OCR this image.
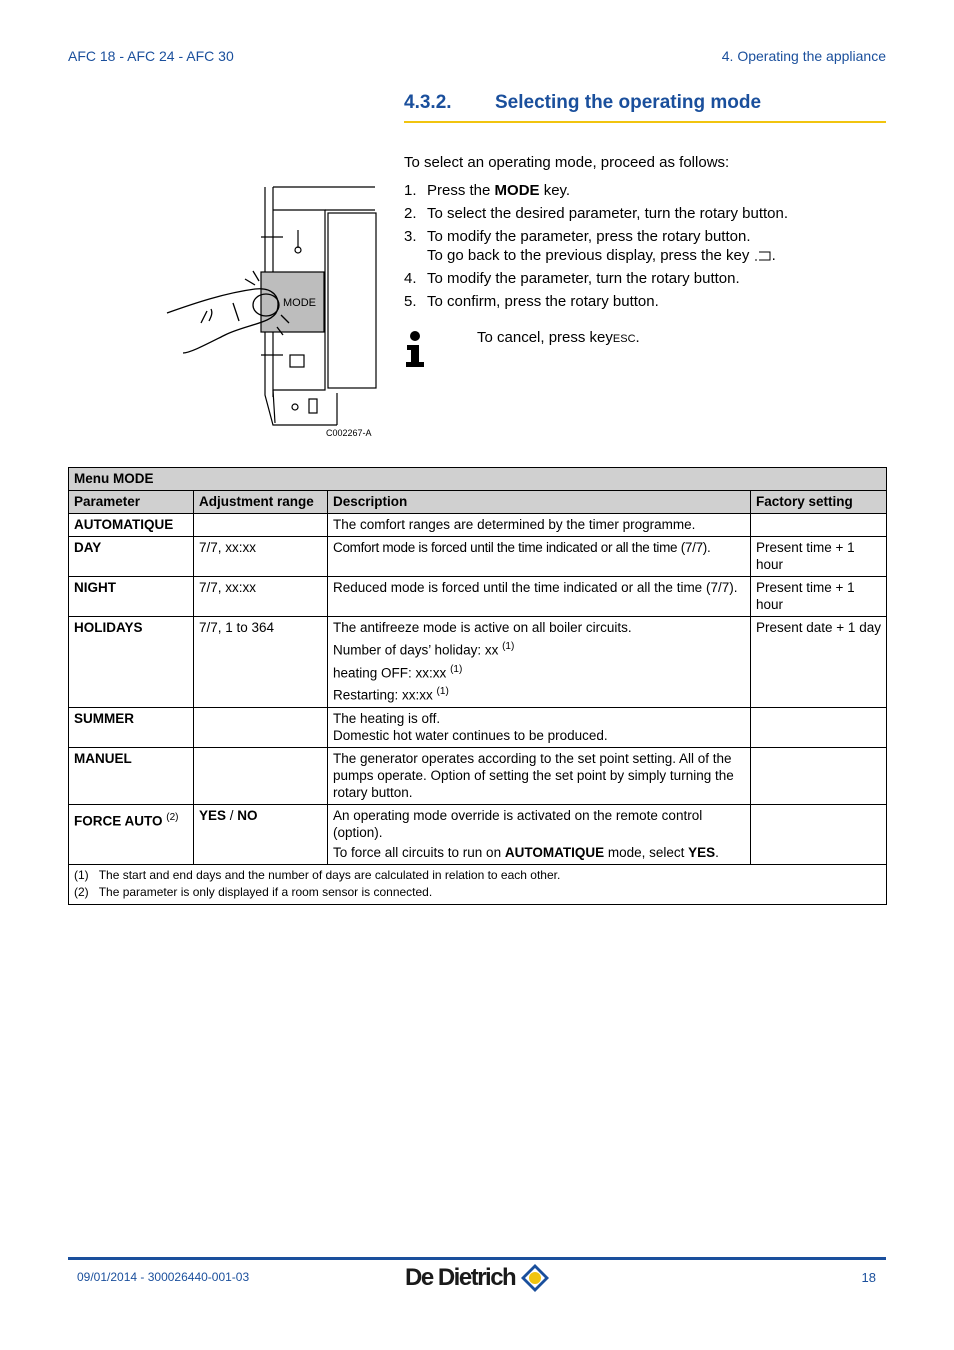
AFC 18 - AFC 24 - AFC 30	4. Operating the appliance
4.3.2. Selecting the operating mode
MODE
C002267-A
To select an operating mode, proceed as follows:
1. Press the MODE key.
2. To select the desired parameter, turn the rotary button.
3. To modify the parameter, press the rotary button.
To go back to the previous display, press the key .
4. To modify the parameter, turn the rotary button.
5. To confirm, press the rotary button.
To cancel, press keyESC.
Menu MODE			
Parameter	Adjustment range	Description	Factory setting
AUTOMATIQUE		The comfort ranges are determined by the timer programme.	
DAY	7/7, xx:xx	Comfort mode is forced until the time indicated or all the time (7/7).	Present time + 1 hour
NIGHT	7/7, xx:xx	Reduced mode is forced until the time indicated or all the time (7/7).	Present time + 1 hour
HOLIDAYS	7/7, 1 to 364	The antifreeze mode is active on all boiler circuits.
Number of days’ holiday: xx $^{(1)}$
heating OFF: xx:xx $^{(1)}$
Restarting: xx:xx $^{(1)}$	Present date + 1 day
SUMMER		The heating is off.
Domestic hot water continues to be produced.	

MANUEL		The generator operates according to the set point setting. All of the pumps operate. Option of setting the set point by simply turning the rotary button.	
FORCE AUTO $^{(2)}$	YES / NO	An operating mode override is activated on the remote control (option).
To force all circuits to run on AUTOMATIQUE mode, select YES.	

(1) The start and end days and the number of days are calculated in relation to each other.
(2) The parameter is only displayed if a room sensor is connected.			
09/01/2014 - 300026440-001-03	De Dietrich	18
